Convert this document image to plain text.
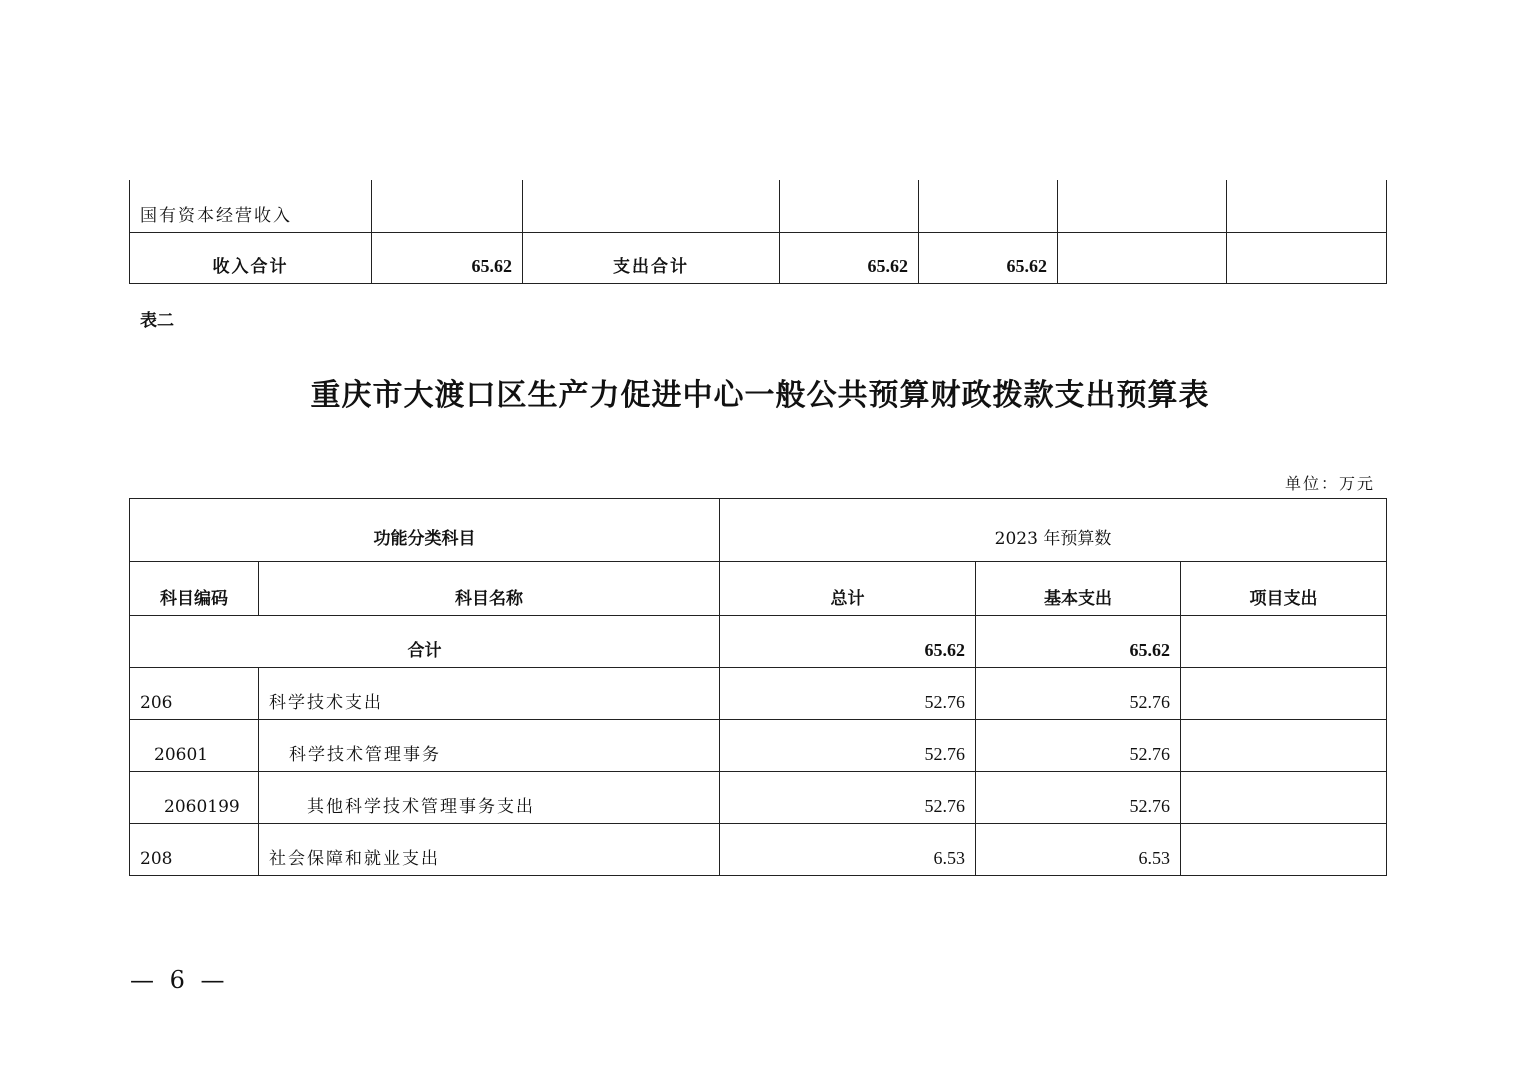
国有资本经营收入						
收入合计	65.62	支出合计	65.62	65.62		
表二
重庆市大渡口区生产力促进中心一般公共预算财政拨款支出预算表
单位：万元
功能分类科目		2023 年预算数		
科目编码	科目名称	总计	基本支出	项目支出
合计		65.62	65.62	
206	科学技术支出	52.76	52.76	
20601	科学技术管理事务	52.76	52.76	
2060199	其他科学技术管理事务支出	52.76	52.76	
208	社会保障和就业支出	6.53	6.53	
— 6 —
